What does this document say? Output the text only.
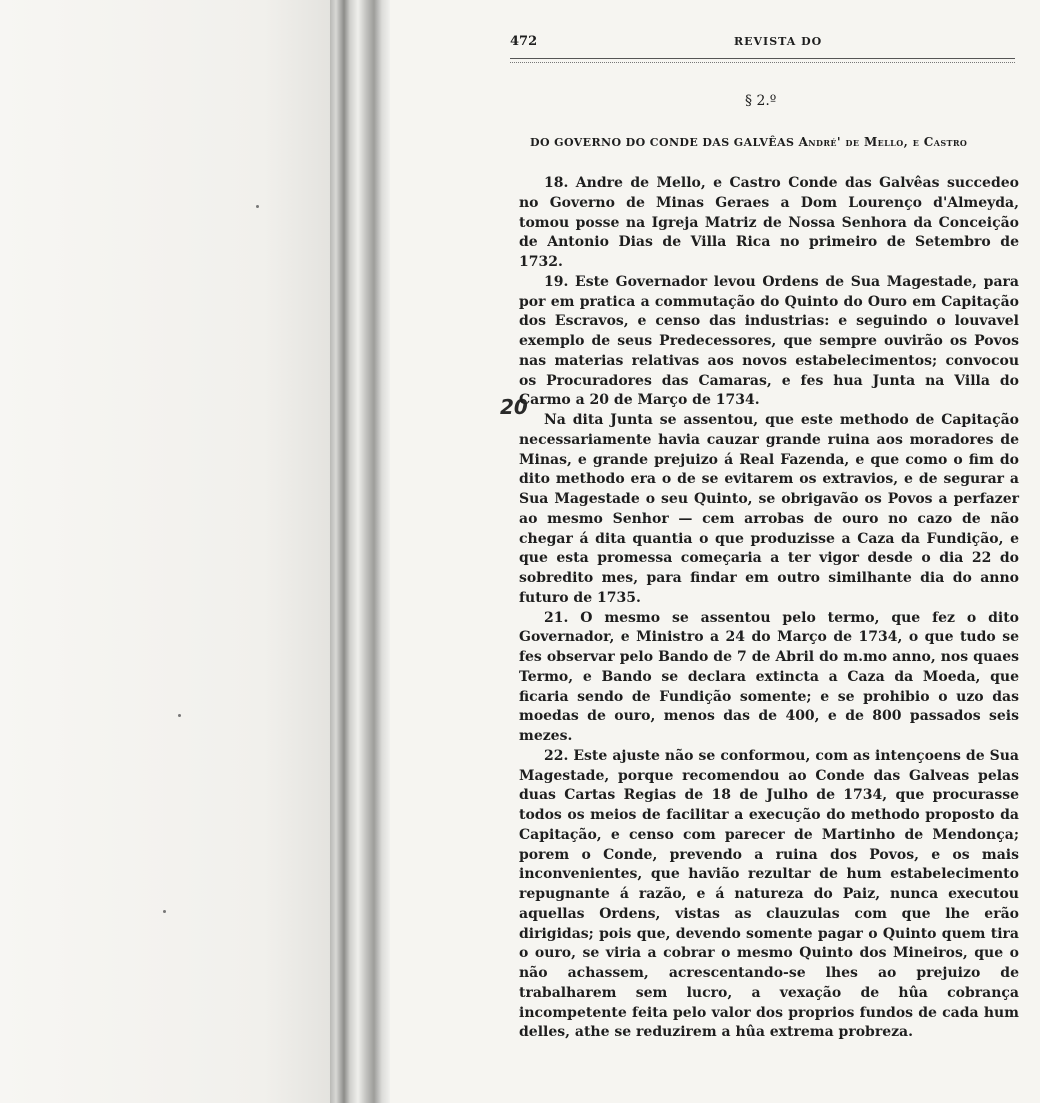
472	REVISTA DO
§ 2.º
DO GOVERNO DO CONDE DAS GALVÊAS André' de Mello, e Castro
20

18. Andre de Mello, e Castro Conde das Galvêas succedeo no Governo de Minas Geraes a Dom Lourenço d'Almeyda, tomou posse na Igreja Matriz de Nossa Senhora da Conceição de Antonio Dias de Villa Rica no primeiro de Setembro de 1732.

19. Este Governador levou Ordens de Sua Magestade, para por em pratica a commutação do Quinto do Ouro em Capitação dos Escravos, e censo das industrias: e seguindo o louvavel exemplo de seus Predecessores, que sempre ouvirão os Povos nas materias relativas aos novos estabelecimentos; convocou os Procuradores das Camaras, e fes hua Junta na Villa do Carmo a 20 de Março de 1734.

Na dita Junta se assentou, que este methodo de Capitação necessariamente havia cauzar grande ruina aos moradores de Minas, e grande prejuizo á Real Fazenda, e que como o fim do dito methodo era o de se evitarem os extravios, e de segurar a Sua Magestade o seu Quinto, se obrigavão os Povos a perfazer ao mesmo Senhor — cem arrobas de ouro no cazo de não chegar á dita quantia o que produzisse a Caza da Fundição, e que esta promessa começaria a ter vigor desde o dia 22 do sobredito mes, para findar em outro similhante dia do anno futuro de 1735.

21. O mesmo se assentou pelo termo, que fez o dito Governador, e Ministro a 24 do Março de 1734, o que tudo se fes observar pelo Bando de 7 de Abril do m.mo anno, nos quaes Termo, e Bando se declara extincta a Caza da Moeda, que ficaria sendo de Fundição somente; e se prohibio o uzo das moedas de ouro, menos das de 400, e de 800 passados seis mezes.

22. Este ajuste não se conformou, com as intençoens de Sua Magestade, porque recomendou ao Conde das Galveas pelas duas Cartas Regias de 18 de Julho de 1734, que procurasse todos os meios de facilitar a execução do methodo proposto da Capitação, e censo com parecer de Martinho de Mendonça; porem o Conde, prevendo a ruina dos Povos, e os mais inconvenientes, que havião rezultar de hum estabelecimento repugnante á razão, e á natureza do Paiz, nunca executou aquellas Ordens, vistas as clauzulas com que lhe erão dirigidas; pois que, devendo somente pagar o Quinto quem tira o ouro, se viria a cobrar o mesmo Quinto dos Mineiros, que o não achassem, acrescentando-se lhes ao prejuizo de trabalharem sem lucro, a vexação de hûa cobrança incompetente feita pelo valor dos proprios fundos de cada hum delles, athe se reduzirem a hûa extrema probreza.
